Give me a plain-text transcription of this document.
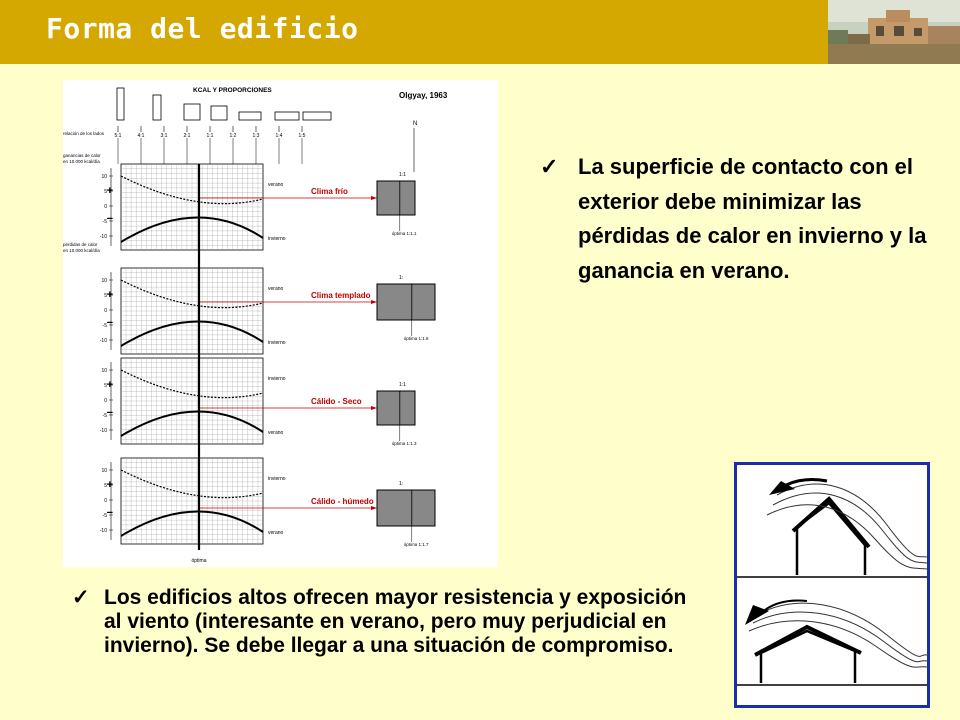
Forma del edificio
KCAL Y PROPORCIONES
Olgyay, 1963
relación de los lados 5:1	4:1	3:1	2:1	1:1	1:2	1:3	1:4	1:5
N
ganancias de calor
en 10.000 kcal/día
pérdidas de calor
en 10.000 kcal/día
10
5
0
-5
-10
+
−
verano
invierno
Clima frío
1:1
óptima 1:1.1
10
5
0
-5
-10
+
−
verano
invierno
Clima templado
1:
óptima 1:1.6
10
5
0
-5
-10
+
−
invierno
verano
Cálido - Seco
1:1
óptima 1:1.3
10
5
0
-5
-10
+
−
invierno
verano
Cálido - húmedo
1:
óptima 1:1.7
óptima
✓ La superficie de contacto con el exterior debe minimizar las pérdidas de calor en invierno y la ganancia en verano.
✓ Los edificios altos ofrecen mayor resistencia y exposición al viento (interesante en verano, pero muy perjudicial en invierno). Se debe llegar a una situación de compromiso.
